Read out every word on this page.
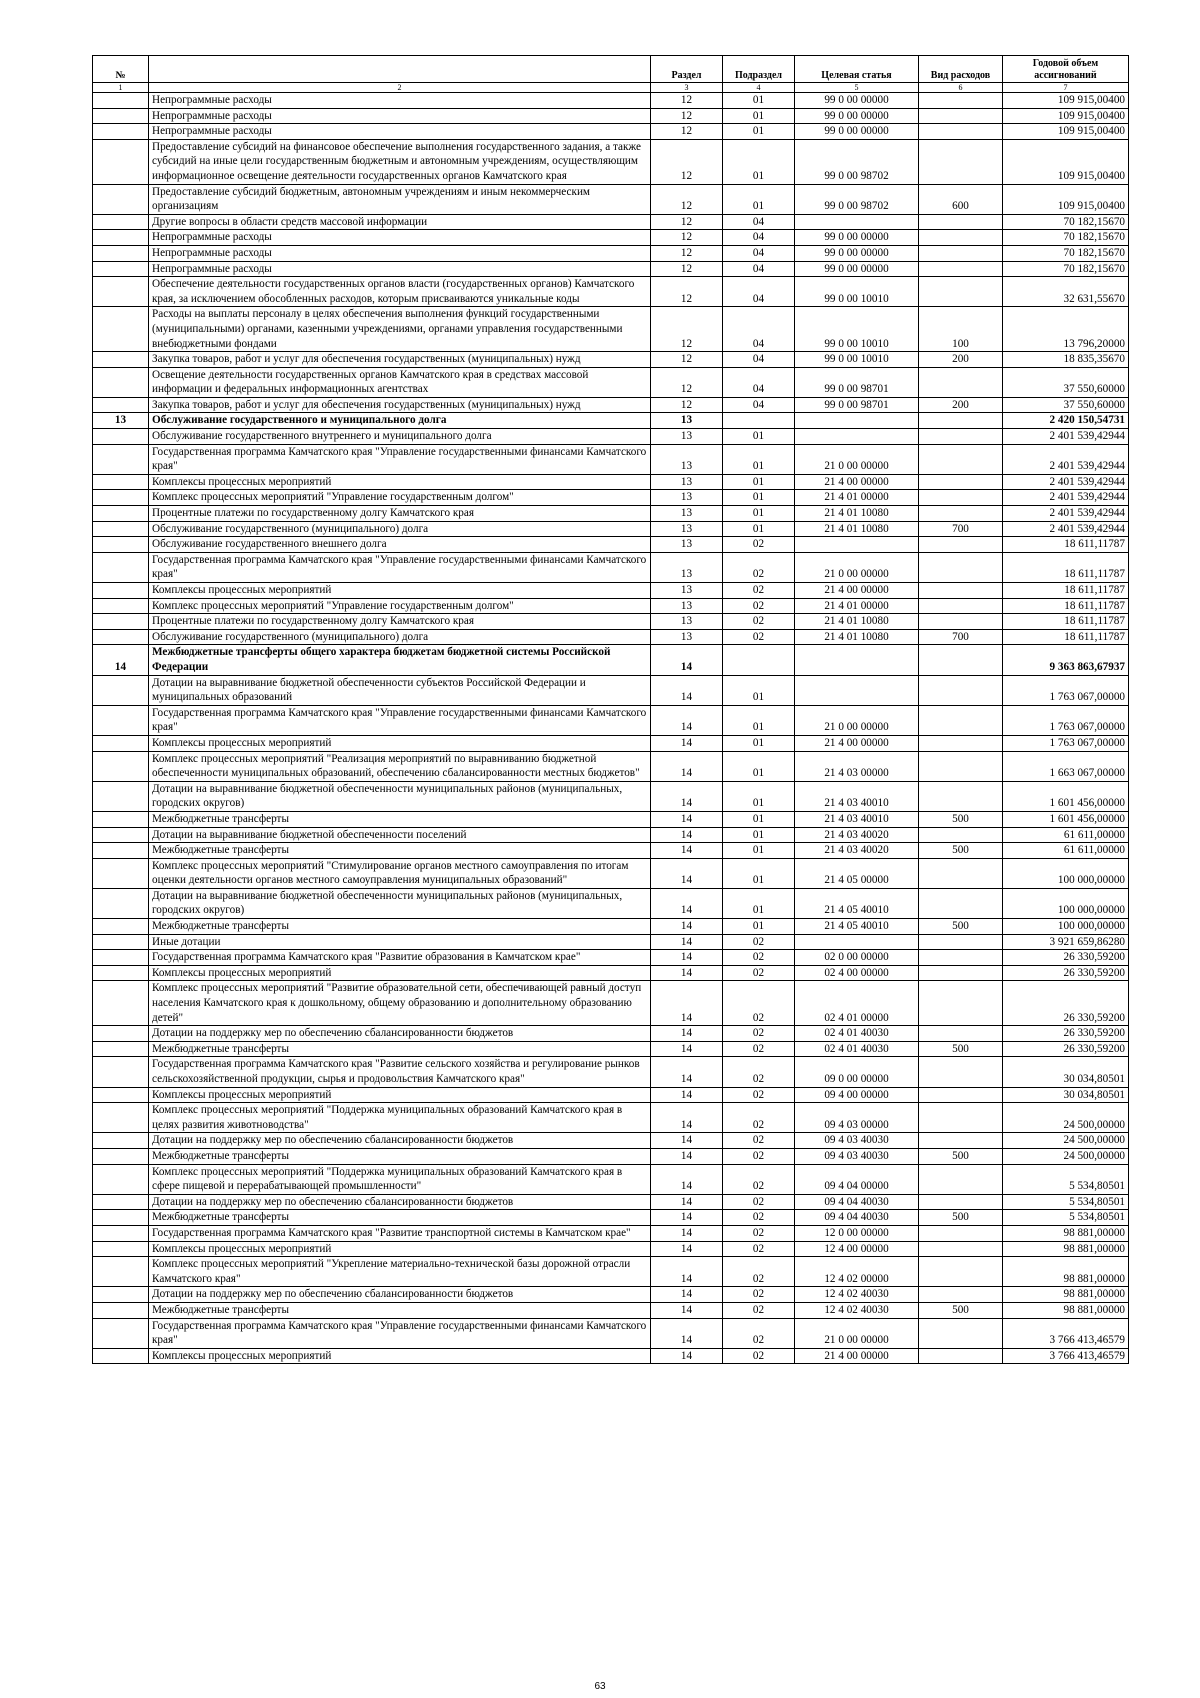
№		Раздел	Подраздел	Целевая статья	Вид расходов	Годовой объем ассигнований
1	2	3	4	5	6	7
	Непрограммные расходы	12	01	99 0 00 00000		109 915,00400
	Непрограммные расходы	12	01	99 0 00 00000		109 915,00400
	Непрограммные расходы	12	01	99 0 00 00000		109 915,00400
	Предоставление субсидий на финансовое обеспечение выполнения государственного задания, а также субсидий на иные цели государственным бюджетным и автономным учреждениям, осуществляющим информационное освещение деятельности государственных органов Камчатского края	12	01	99 0 00 98702		109 915,00400
	Предоставление субсидий бюджетным, автономным учреждениям и иным некоммерческим организациям	12	01	99 0 00 98702	600	109 915,00400
	Другие вопросы в области средств массовой информации	12	04			70 182,15670
	Непрограммные расходы	12	04	99 0 00 00000		70 182,15670
	Непрограммные расходы	12	04	99 0 00 00000		70 182,15670
	Непрограммные расходы	12	04	99 0 00 00000		70 182,15670
	Обеспечение деятельности государственных органов власти (государственных органов) Камчатского края, за исключением обособленных расходов, которым присваиваются уникальные коды	12	04	99 0 00 10010		32 631,55670
	Расходы на выплаты персоналу в целях обеспечения выполнения функций государственными (муниципальными) органами, казенными учреждениями, органами управления государственными внебюджетными фондами	12	04	99 0 00 10010	100	13 796,20000
	Закупка товаров, работ и услуг для обеспечения государственных (муниципальных) нужд	12	04	99 0 00 10010	200	18 835,35670
	Освещение деятельности государственных органов Камчатского края в средствах массовой информации и федеральных информационных агентствах	12	04	99 0 00 98701		37 550,60000
	Закупка товаров, работ и услуг для обеспечения государственных (муниципальных) нужд	12	04	99 0 00 98701	200	37 550,60000
13	Обслуживание государственного и муниципального долга	13				2 420 150,54731
	Обслуживание государственного внутреннего и муниципального долга	13	01			2 401 539,42944
	Государственная программа Камчатского края "Управление государственными финансами Камчатского края"	13	01	21 0 00 00000		2 401 539,42944
	Комплексы процессных мероприятий	13	01	21 4 00 00000		2 401 539,42944
	Комплекс процессных мероприятий "Управление государственным долгом"	13	01	21 4 01 00000		2 401 539,42944
	Процентные платежи по государственному долгу Камчатского края	13	01	21 4 01 10080		2 401 539,42944
	Обслуживание государственного (муниципального) долга	13	01	21 4 01 10080	700	2 401 539,42944
	Обслуживание государственного внешнего долга	13	02			18 611,11787
	Государственная программа Камчатского края "Управление государственными финансами Камчатского края"	13	02	21 0 00 00000		18 611,11787
	Комплексы процессных мероприятий	13	02	21 4 00 00000		18 611,11787
	Комплекс процессных мероприятий "Управление государственным долгом"	13	02	21 4 01 00000		18 611,11787
	Процентные платежи по государственному долгу Камчатского края	13	02	21 4 01 10080		18 611,11787
	Обслуживание государственного (муниципального) долга	13	02	21 4 01 10080	700	18 611,11787
14	Межбюджетные трансферты общего характера бюджетам бюджетной системы Российской Федерации	14				9 363 863,67937
	Дотации на выравнивание бюджетной обеспеченности субъектов Российской Федерации и муниципальных образований	14	01			1 763 067,00000
	Государственная программа Камчатского края "Управление государственными финансами Камчатского края"	14	01	21 0 00 00000		1 763 067,00000
	Комплексы процессных мероприятий	14	01	21 4 00 00000		1 763 067,00000
	Комплекс процессных мероприятий "Реализация мероприятий по выравниванию бюджетной обеспеченности муниципальных образований, обеспечению сбалансированности местных бюджетов"	14	01	21 4 03 00000		1 663 067,00000
	Дотации на выравнивание бюджетной обеспеченности муниципальных районов (муниципальных, городских округов)	14	01	21 4 03 40010		1 601 456,00000
	Межбюджетные трансферты	14	01	21 4 03 40010	500	1 601 456,00000
	Дотации на выравнивание бюджетной обеспеченности поселений	14	01	21 4 03 40020		61 611,00000
	Межбюджетные трансферты	14	01	21 4 03 40020	500	61 611,00000
	Комплекс процессных мероприятий "Стимулирование органов местного самоуправления по итогам оценки деятельности органов местного самоуправления муниципальных образований"	14	01	21 4 05 00000		100 000,00000
	Дотации на выравнивание бюджетной обеспеченности муниципальных районов (муниципальных, городских округов)	14	01	21 4 05 40010		100 000,00000
	Межбюджетные трансферты	14	01	21 4 05 40010	500	100 000,00000
	Иные дотации	14	02			3 921 659,86280
	Государственная программа Камчатского края "Развитие образования в Камчатском крае"	14	02	02 0 00 00000		26 330,59200
	Комплексы процессных мероприятий	14	02	02 4 00 00000		26 330,59200
	Комплекс процессных мероприятий "Развитие образовательной сети, обеспечивающей равный доступ населения Камчатского края к дошкольному, общему образованию и дополнительному образованию детей"	14	02	02 4 01 00000		26 330,59200
	Дотации на поддержку мер по обеспечению сбалансированности бюджетов	14	02	02 4 01 40030		26 330,59200
	Межбюджетные трансферты	14	02	02 4 01 40030	500	26 330,59200
	Государственная программа Камчатского края "Развитие сельского хозяйства и регулирование рынков сельскохозяйственной продукции, сырья и продовольствия Камчатского края"	14	02	09 0 00 00000		30 034,80501
	Комплексы процессных мероприятий	14	02	09 4 00 00000		30 034,80501
	Комплекс процессных мероприятий "Поддержка муниципальных образований Камчатского края в целях развития животноводства"	14	02	09 4 03 00000		24 500,00000
	Дотации на поддержку мер по обеспечению сбалансированности бюджетов	14	02	09 4 03 40030		24 500,00000
	Межбюджетные трансферты	14	02	09 4 03 40030	500	24 500,00000
	Комплекс процессных мероприятий "Поддержка муниципальных образований Камчатского края в сфере пищевой и перерабатывающей промышленности"	14	02	09 4 04 00000		5 534,80501
	Дотации на поддержку мер по обеспечению сбалансированности бюджетов	14	02	09 4 04 40030		5 534,80501
	Межбюджетные трансферты	14	02	09 4 04 40030	500	5 534,80501
	Государственная программа Камчатского края "Развитие транспортной системы в Камчатском крае"	14	02	12 0 00 00000		98 881,00000
	Комплексы процессных мероприятий	14	02	12 4 00 00000		98 881,00000
	Комплекс процессных мероприятий "Укрепление материально-технической базы дорожной отрасли Камчатского края"	14	02	12 4 02 00000		98 881,00000
	Дотации на поддержку мер по обеспечению сбалансированности бюджетов	14	02	12 4 02 40030		98 881,00000
	Межбюджетные трансферты	14	02	12 4 02 40030	500	98 881,00000
	Государственная программа Камчатского края "Управление государственными финансами Камчатского края"	14	02	21 0 00 00000		3 766 413,46579
	Комплексы процессных мероприятий	14	02	21 4 00 00000		3 766 413,46579
63
